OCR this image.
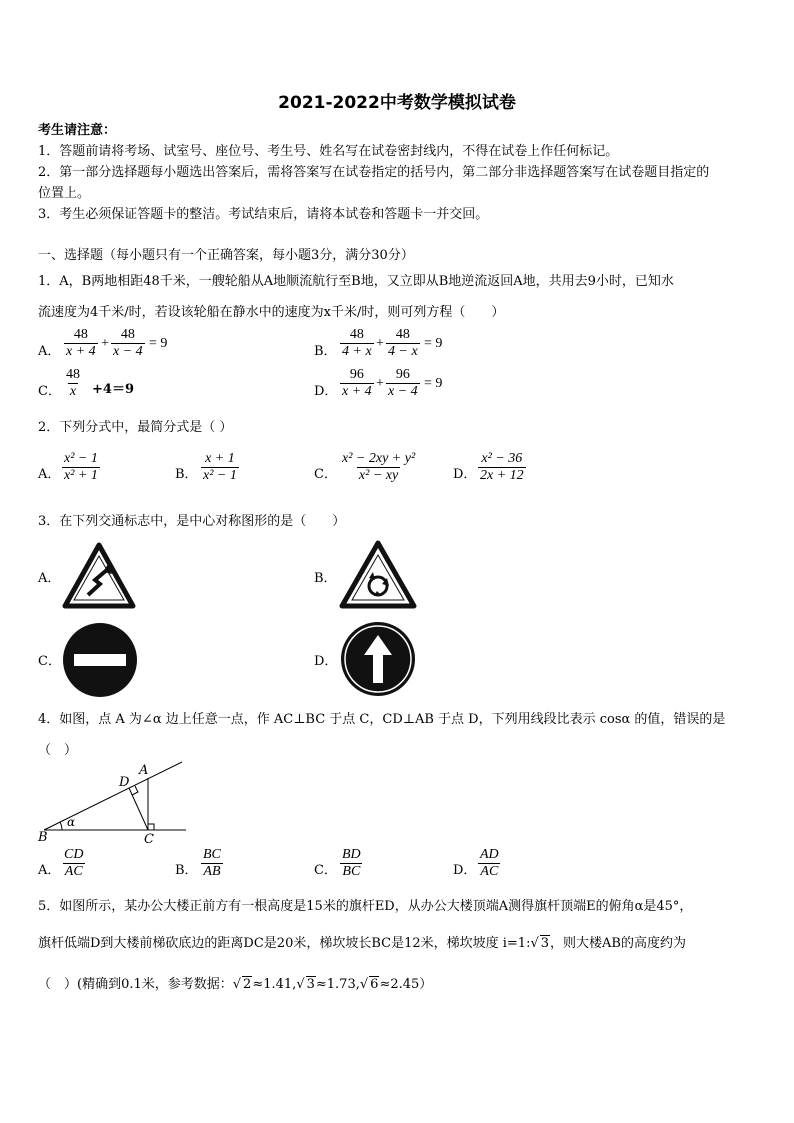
2021-2022中考数学模拟试卷
考生请注意：
1．答题前请将考场、试室号、座位号、考生号、姓名写在试卷密封线内，不得在试卷上作任何标记。
2．第一部分选择题每小题选出答案后，需将答案写在试卷指定的括号内，第二部分非选择题答案写在试卷题目指定的
位置上。
3．考生必须保证答题卡的整洁。考试结束后，请将本试卷和答题卡一并交回。
一、选择题（每小题只有一个正确答案，每小题3分，满分30分）
1．A，B两地相距48千米，一艘轮船从A地顺流航行至B地，又立即从B地逆流返回A地，共用去9小时，已知水
流速度为4千米/时，若设该轮船在静水中的速度为x千米/时，则可列方程（　　）
A． $\frac{48}{x + 4} + \frac{48}{x - 4} = 9$
B． $\frac{48}{4 + x} + \frac{48}{4 - x} = 9$
C． $\frac{48}{x} +4=9$	D． $\frac{96}{x + 4} + \frac{96}{x - 4} = 9$
2．下列分式中，最简分式是（ ）
A． $\frac{\text{x² − 1}}{\text{x² + 1}}$	B． $\frac{x + 1}{\text{x² − 1}}$	C． $\frac{\text{x² − 2xy + y²}}{\text{x² − xy}}$	D． $\frac{\text{x² − 36}}{2x + 12}$
3．在下列交通标志中，是中心对称图形的是（　　）
A．	B．
C．	D．
4．如图，点 A 为∠α 边上任意一点，作 AC⊥BC 于点 C，CD⊥AB 于点 D，下列用线段比表示 cosα 的值，错误的是
（　）
A
D
B	C
α
A． $\frac{CD}{AC}$	B． $\frac{BC}{AB}$	C． $\frac{BD}{BC}$	D． $\frac{AD}{AC}$
5．如图所示，某办公大楼正前方有一根高度是15米的旗杆ED，从办公大楼顶端A测得旗杆顶端E的俯角α是45°，
旗杆低端D到大楼前梯砍底边的距离DC是20米，梯坎坡长BC是12米，梯坎坡度 i=1:√ 3，则大楼AB的高度约为
（　）(精确到0.1米，参考数据：√ 2≈1.41,√ 3≈1.73,√ 6≈2.45）
